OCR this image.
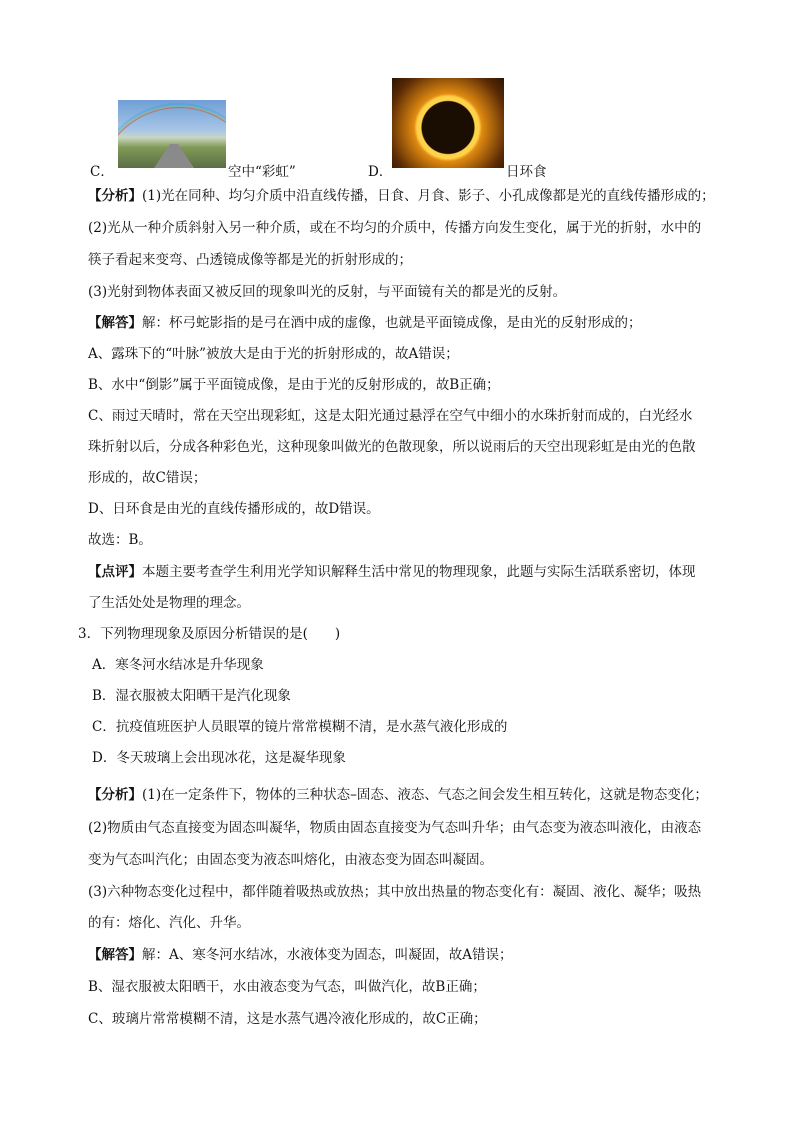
C．	空中“彩虹”	D．	日环食
【 分析 】 (1)光在同种、均匀介质中沿直线传播，日食、月食、影子、小孔成像都是光的直线传播形成的；
(2)光从一种介质斜射入另一种介质，或在不均匀的介质中，传播方向发生变化，属于光的折射，水中的
筷子看起来变弯、凸透镜成像等都是光的折射形成的；
(3)光射到物体表面又被反回的现象叫光的反射，与平面镜有关的都是光的反射。
【 解答 】 解：杯弓蛇影指的是弓在酒中成的虚像，也就是平面镜成像，是由光的反射形成的；
A、露珠下的“叶脉”被放大是由于光的折射形成的，故A错误；
B、水中“倒影”属于平面镜成像，是由于光的反射形成的，故B正确；
C、雨过天晴时，常在天空出现彩虹，这是太阳光通过悬浮在空气中细小的水珠折射而成的，白光经水
珠折射以后，分成各种彩色光，这种现象叫做光的色散现象，所以说雨后的天空出现彩虹是由光的色散
形成的，故C错误；
D、日环食是由光的直线传播形成的，故D错误。
故选：B。
【 点评 】 本题主要考查学生利用光学知识解释生活中常见的物理现象，此题与实际生活联系密切，体现
了生活处处是物理的理念。
3．下列物理现象及原因分析错误的是(　　)
A．寒冬河水结冰是升华现象
B．湿衣服被太阳晒干是汽化现象
C．抗疫值班医护人员眼罩的镜片常常模糊不清，是水蒸气液化形成的
D．冬天玻璃上会出现冰花，这是凝华现象
【 分析 】 (1)在一定条件下，物体的三种状态–固态、液态、气态之间会发生相互转化，这就是物态变化；
(2)物质由气态直接变为固态叫凝华，物质由固态直接变为气态叫升华；由气态变为液态叫液化，由液态
变为气态叫汽化；由固态变为液态叫熔化，由液态变为固态叫凝固。
(3)六种物态变化过程中，都伴随着吸热或放热；其中放出热量的物态变化有：凝固、液化、凝华；吸热
的有：熔化、汽化、升华。
【 解答 】 解：A、寒冬河水结冰，水液体变为固态，叫凝固，故A错误；
B、湿衣服被太阳晒干，水由液态变为气态，叫做汽化，故B正确；
C、玻璃片常常模糊不清，这是水蒸气遇冷液化形成的，故C正确；
